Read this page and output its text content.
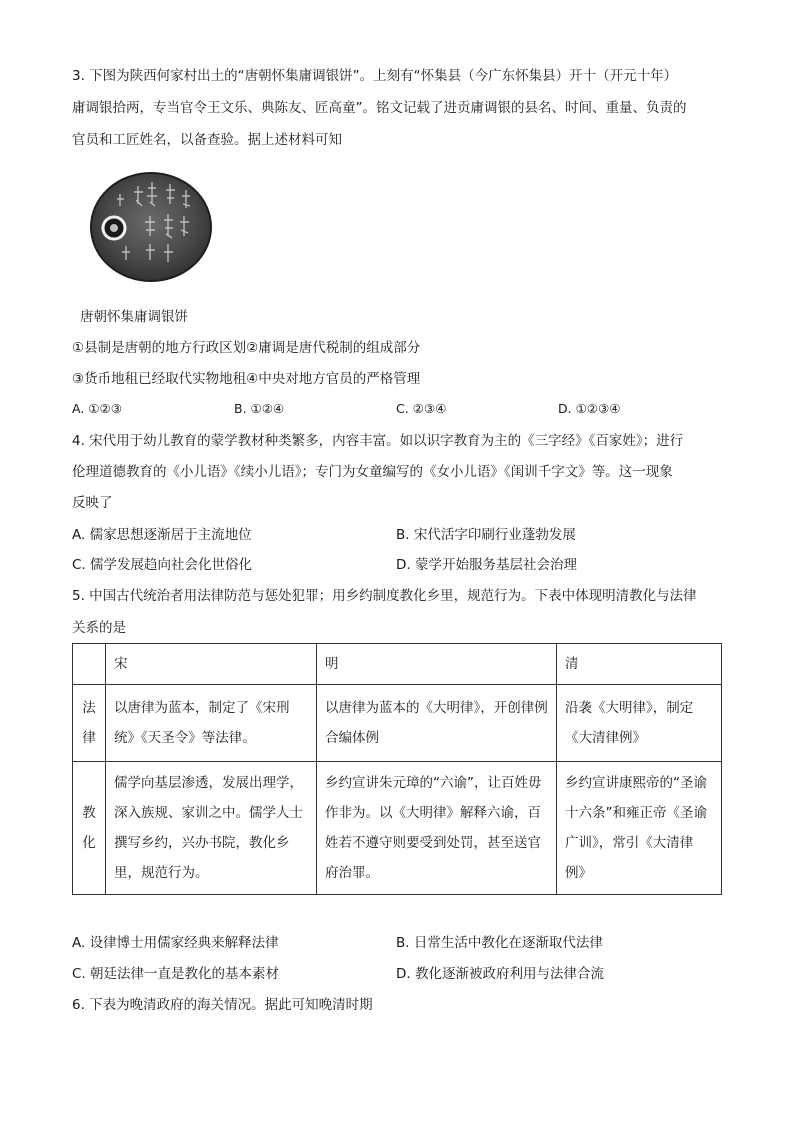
3. 下图为陕西何家村出土的“唐朝怀集庸调银饼”。上刻有“怀集县（今广东怀集县）开十（开元十年）
庸调银拾两，专当官令王文乐、典陈友、匠高童”。铭文记载了进贡庸调银的县名、时间、重量、负责的
官员和工匠姓名，以备查验。据上述材料可知
唐朝怀集庸调银饼
①县制是唐朝的地方行政区划②庸调是唐代税制的组成部分
③货币地租已经取代实物地租④中央对地方官员的严格管理
A. ①②③	B. ①②④	C. ②③④	D. ①②③④
4. 宋代用于幼儿教育的蒙学教材种类繁多，内容丰富。如以识字教育为主的《三字经》《百家姓》；进行
伦理道德教育的《小儿语》《续小儿语》；专门为女童编写的《女小儿语》《闺训千字文》等。这一现象
反映了
A. 儒家思想逐渐居于主流地位	B. 宋代活字印刷行业蓬勃发展
C. 儒学发展趋向社会化世俗化	D. 蒙学开始服务基层社会治理
5. 中国古代统治者用法律防范与惩处犯罪；用乡约制度教化乡里，规范行为。下表中体现明清教化与法律
关系的是
	宋	明	清
法律	以唐律为蓝本，制定了《宋刑统》《天圣令》等法律。	以唐律为蓝本的《大明律》，开创律例合编体例	沿袭《大明律》，制定《大清律例》
教化	儒学向基层渗透，发展出理学，深入族规、家训之中。儒学人士撰写乡约，兴办书院，教化乡里，规范行为。	乡约宣讲朱元璋的“六谕”，让百姓毋作非为。以《大明律》解释六谕，百姓若不遵守则要受到处罚，甚至送官府治罪。	乡约宣讲康熙帝的“圣谕十六条”和雍正帝《圣谕广训》，常引《大清律例》
A. 设律博士用儒家经典来解释法律	B. 日常生活中教化在逐渐取代法律
C. 朝廷法律一直是教化的基本素材	D. 教化逐渐被政府利用与法律合流
6. 下表为晚清政府的海关情况。据此可知晚清时期
